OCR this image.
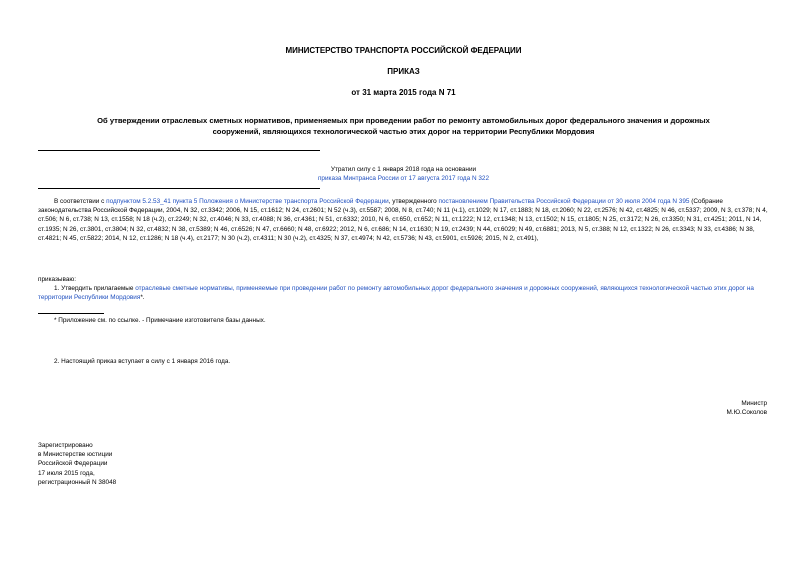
МИНИСТЕРСТВО ТРАНСПОРТА РОССИЙСКОЙ ФЕДЕРАЦИИ
ПРИКАЗ
от 31 марта 2015 года N 71
Об утверждении отраслевых сметных нормативов, применяемых при проведении работ по ремонту автомобильных дорог федерального значения и дорожных
сооружений, являющихся технологической частью этих дорог на территории Республики Мордовия
Утратил силу с 1 января 2018 года на основании
приказа Минтранса России от 17 августа 2017 года N 322
В соответствии с подпунктом 5.2.53_41 пункта 5 Положения о Министерстве транспорта Российской Федерации, утвержденного постановлением Правительства Российской Федерации от 30 июля 2004 года N 395 (Собрание законодательства Российской Федерации, 2004, N 32, ст.3342; 2006, N 15, ст.1612; N 24, ст.2601; N 52 (ч.3), ст.5587; 2008, N 8, ст.740; N 11 (ч.1), ст.1029; N 17, ст.1883; N 18, ст.2060; N 22, ст.2576; N 42, ст.4825; N 46, ст.5337; 2009, N 3, ст.378; N 4, ст.506; N 6, ст.738; N 13, ст.1558; N 18 (ч.2), ст.2249; N 32, ст.4046; N 33, ст.4088; N 36, ст.4361; N 51, ст.6332; 2010, N 6, ст.650, ст.652; N 11, ст.1222; N 12, ст.1348; N 13, ст.1502; N 15, ст.1805; N 25, ст.3172; N 26, ст.3350; N 31, ст.4251; 2011, N 14, ст.1935; N 26, ст.3801, ст.3804; N 32, ст.4832; N 38, ст.5389; N 46, ст.6526; N 47, ст.6660; N 48, ст.6922; 2012, N 6, ст.686; N 14, ст.1630; N 19, ст.2439; N 44, ст.6029; N 49, ст.6881; 2013, N 5, ст.388; N 12, ст.1322; N 26, ст.3343; N 33, ст.4386; N 38, ст.4821; N 45, ст.5822; 2014, N 12, ст.1286; N 18 (ч.4), ст.2177; N 30 (ч.2), ст.4311; N 30 (ч.2), ст.4325; N 37, ст.4974; N 42, ст.5736; N 43, ст.5901, ст.5926; 2015, N 2, ст.491),
приказываю:
1. Утвердить прилагаемые отраслевые сметные нормативы, применяемые при проведении работ по ремонту автомобильных дорог федерального значения и дорожных сооружений, являющихся технологической частью этих дорог на территории Республики Мордовия*.
* Приложение см. по ссылке. - Примечание изготовителя базы данных.
2. Настоящий приказ вступает в силу с 1 января 2016 года.
Министр
М.Ю.Соколов
Зарегистрировано
в Министерстве юстиции
Российской Федерации
17 июля 2015 года,
регистрационный N 38048
